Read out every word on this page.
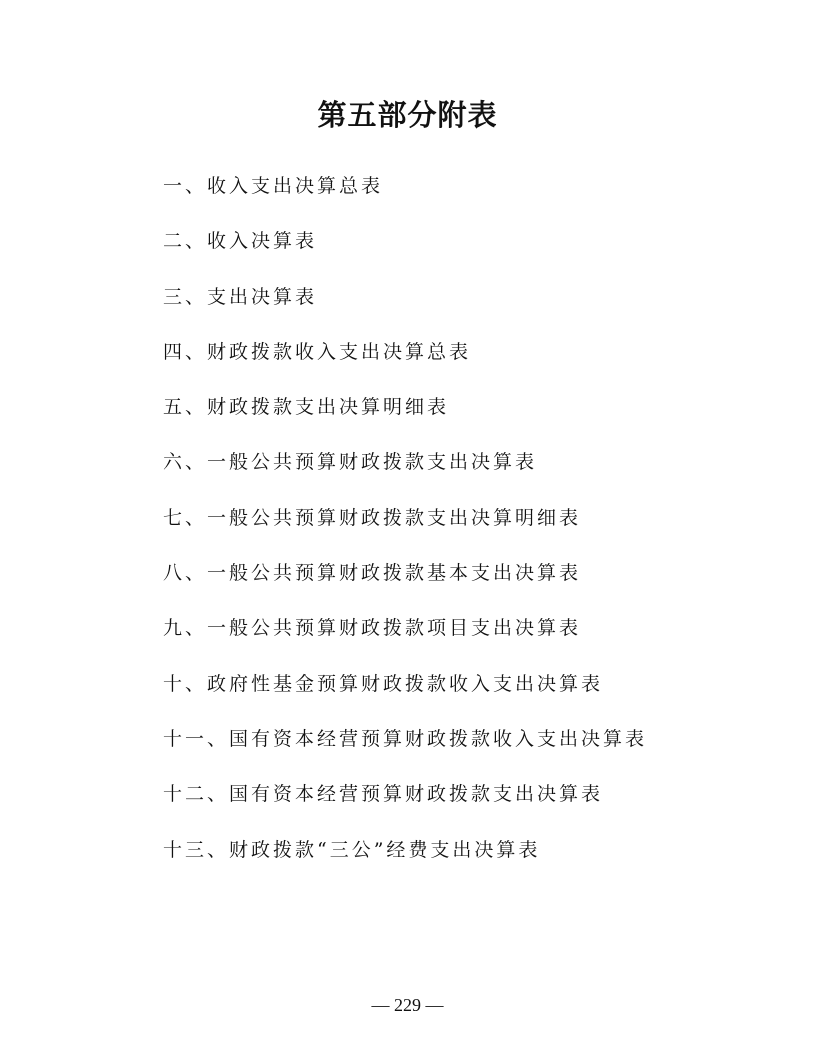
第五部分附表
一、收入支出决算总表
二、收入决算表
三、支出决算表
四、财政拨款收入支出决算总表
五、财政拨款支出决算明细表
六、一般公共预算财政拨款支出决算表
七、一般公共预算财政拨款支出决算明细表
八、一般公共预算财政拨款基本支出决算表
九、一般公共预算财政拨款项目支出决算表
十、政府性基金预算财政拨款收入支出决算表
十一、国有资本经营预算财政拨款收入支出决算表
十二、国有资本经营预算财政拨款支出决算表
十三、财政拨款“三公”经费支出决算表
— 229 —
